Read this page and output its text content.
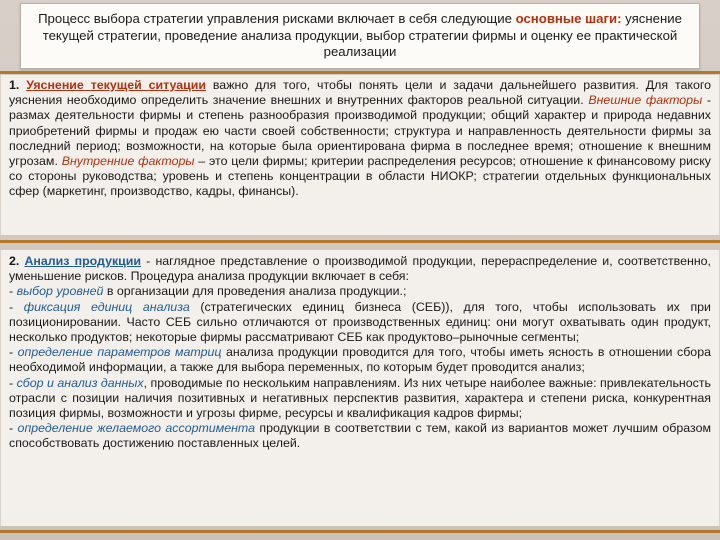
Процесс выбора стратегии управления рисками включает в себя следующие основные шаги: уяснение текущей стратегии, проведение анализа продукции, выбор стратегии фирмы и оценку ее практической реализации
1. Уяснение текущей ситуации важно для того, чтобы понять цели и задачи дальнейшего развития. Для такого уяснения необходимо определить значение внешних и внутренних факторов реальной ситуации. Внешние факторы - размах деятельности фирмы и степень разнообразия производимой продукции; общий характер и природа недавних приобретений фирмы и продаж ею части своей собственности; структура и направленность деятельности фирмы за последний период; возможности, на которые была ориентирована фирма в последнее время; отношение к внешним угрозам. Внутренние факторы – это цели фирмы; критерии распределения ресурсов; отношение к финансовому риску со стороны руководства; уровень и степень концентрации в области НИОКР; стратегии отдельных функциональных сфер (маркетинг, производство, кадры, финансы).
2. Анализ продукции - наглядное представление о производимой продукции, перераспределение и, соответственно, уменьшение рисков. Процедура анализа продукции включает в себя:
- выбор уровней в организации для проведения анализа продукции.;
- фиксация единиц анализа (стратегических единиц бизнеса (СЕБ)), для того, чтобы использовать их при позиционировании. Часто СЕБ сильно отличаются от производственных единиц: они могут охватывать один продукт, несколько продуктов; некоторые фирмы рассматривают СЕБ как продуктово–рыночные сегменты;
- определение параметров матриц анализа продукции проводится для того, чтобы иметь ясность в отношении сбора необходимой информации, а также для выбора переменных, по которым будет проводится анализ;
- сбор и анализ данных, проводимые по нескольким направлениям. Из них четыре наиболее важные: привлекательность отрасли с позиции наличия позитивных и негативных перспектив развития, характера и степени риска, конкурентная позиция фирмы, возможности и угрозы фирме, ресурсы и квалификация кадров фирмы;
- определение желаемого ассортимента продукции в соответствии с тем, какой из вариантов может лучшим образом способствовать достижению поставленных целей.
